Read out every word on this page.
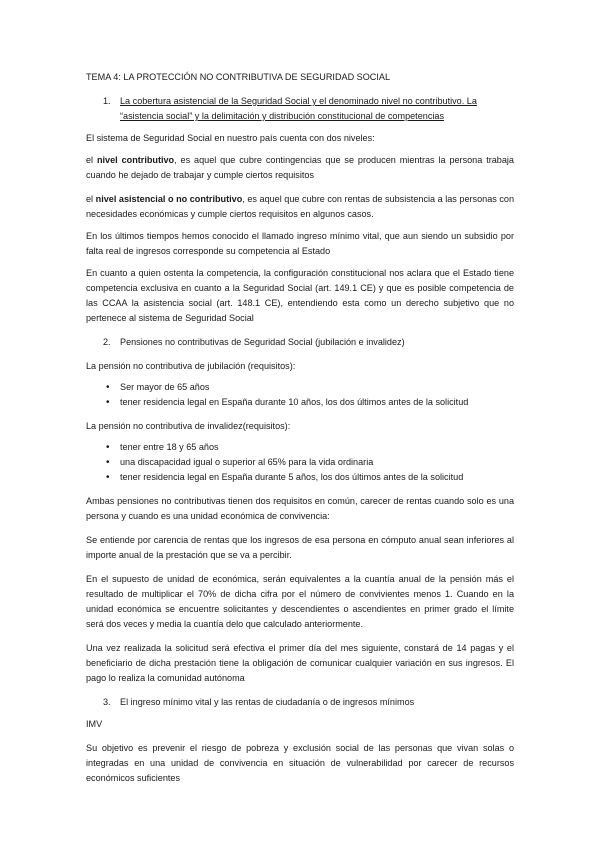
TEMA 4: LA PROTECCIÓN NO CONTRIBUTIVA DE SEGURIDAD SOCIAL

1.	La cobertura asistencial de la Seguridad Social y el denominado nivel no contributivo. La
“asistencia social” y la delimitación y distribución constitucional de competencias

El sistema de Seguridad Social en nuestro país cuenta con dos niveles:

el nivel contributivo, es aquel que cubre contingencias que se producen mientras la persona trabaja cuando he dejado de trabajar y cumple ciertos requisitos

el nivel asistencial o no contributivo, es aquel que cubre con rentas de subsistencia a las personas con necesidades económicas y cumple ciertos requisitos en algunos casos.

En los últimos tiempos hemos conocido el llamado ingreso mínimo vital, que aun siendo un subsidio por falta real de ingresos corresponde su competencia al Estado

En cuanto a quien ostenta la competencia, la configuración constitucional nos aclara que el Estado tiene competencia exclusiva en cuanto a la Seguridad Social (art. 149.1 CE) y que es posible competencia de las CCAA la asistencia social (art. 148.1 CE), entendiendo esta como un derecho subjetivo que no pertenece al sistema de Seguridad Social

2.	Pensiones no contributivas de Seguridad Social (jubilación e invalidez)

La pensión no contributiva de jubilación (requisitos):

•
Ser mayor de 65 años
•
tener residencia legal en España durante 10 años, los dos últimos antes de la solicitud

La pensión no contributiva de invalidez(requisitos):

•
tener entre 18 y 65 años
•
una discapacidad igual o superior al 65% para la vida ordinaria
•
tener residencia legal en España durante 5 años, los dos últimos antes de la solicitud

Ambas pensiones no contributivas tienen dos requisitos en común, carecer de rentas cuando solo es una persona y cuando es una unidad económica de convivencia:

Se entiende por carencia de rentas que los ingresos de esa persona en cómputo anual sean inferiores al importe anual de la prestación que se va a percibir.

En el supuesto de unidad de económica, serán equivalentes a la cuantía anual de la pensión más el resultado de multiplicar el 70% de dicha cifra por el número de convivientes menos 1. Cuando en la unidad económica se encuentre solicitantes y descendientes o ascendientes en primer grado el límite será dos veces y media la cuantía delo que calculado anteriormente.

Una vez realizada la solicitud será efectiva el primer día del mes siguiente, constará de 14 pagas y el beneficiario de dicha prestación tiene la obligación de comunicar cualquier variación en sus ingresos. El pago lo realiza la comunidad autónoma

3.	El ingreso mínimo vital y las rentas de ciudadanía o de ingresos mínimos

IMV

Su objetivo es prevenir el riesgo de pobreza y exclusión social de las personas que vivan solas o integradas en una unidad de convivencia en situación de vulnerabilidad por carecer de recursos económicos suficientes
